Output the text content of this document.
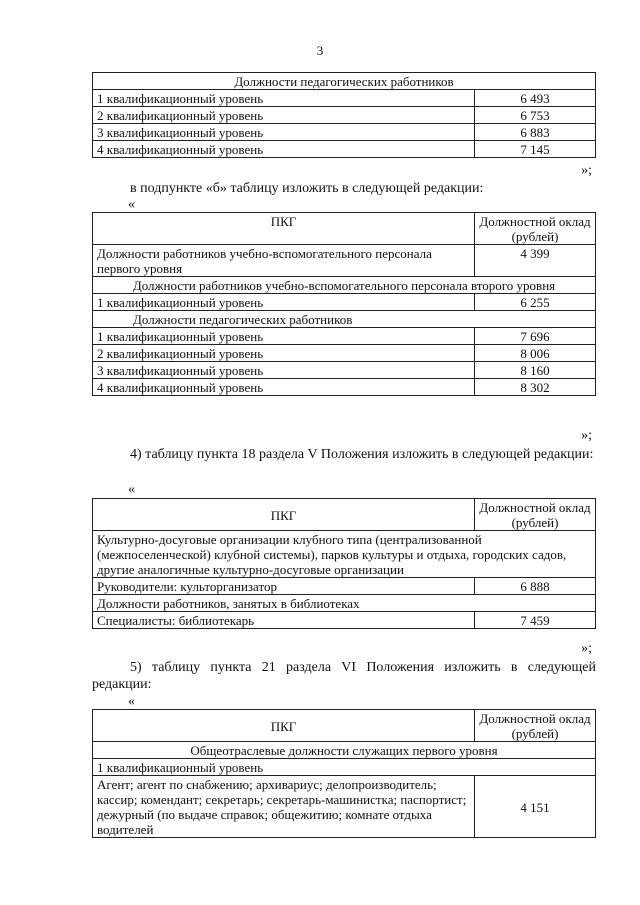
3
Должности педагогических работников	
1 квалификационный уровень	6 493
2 квалификационный уровень	6 753
3 квалификационный уровень	6 883
4 квалификационный уровень	7 145
»;
в подпункте «б» таблицу изложить в следующей редакции:
«
ПКГ	Должностной оклад (рублей)
Должности работников учебно-вспомогательного персонала первого уровня	4 399
Должности работников учебно-вспомогательного персонала второго уровня	
1 квалификационный уровень	6 255
Должности педагогических работников	
1 квалификационный уровень	7 696
2 квалификационный уровень	8 006
3 квалификационный уровень	8 160
4 квалификационный уровень	8 302
»;
4) таблицу пункта 18 раздела V Положения изложить в следующей редакции:
«
ПКГ	Должностной оклад (рублей)
Культурно-досуговые организации клубного типа (централизованной (межпоселенческой) клубной системы), парков культуры и отдыха, городских садов, другие аналогичные культурно-досуговые организации	
Руководители: культорганизатор	6 888
Должности работников, занятых в библиотеках	
Специалисты: библиотекарь	7 459
»;
5) таблицу пункта 21 раздела VI Положения изложить в следующей редакции:
«
ПКГ	Должностной оклад (рублей)
Общеотраслевые должности служащих первого уровня	
1 квалификационный уровень	
Агент; агент по снабжению; архивариус; делопроизводитель; кассир; комендант; секретарь; секретарь-машинистка; паспортист; дежурный (по выдаче справок; общежитию; комнате отдыха водителей	4 151
